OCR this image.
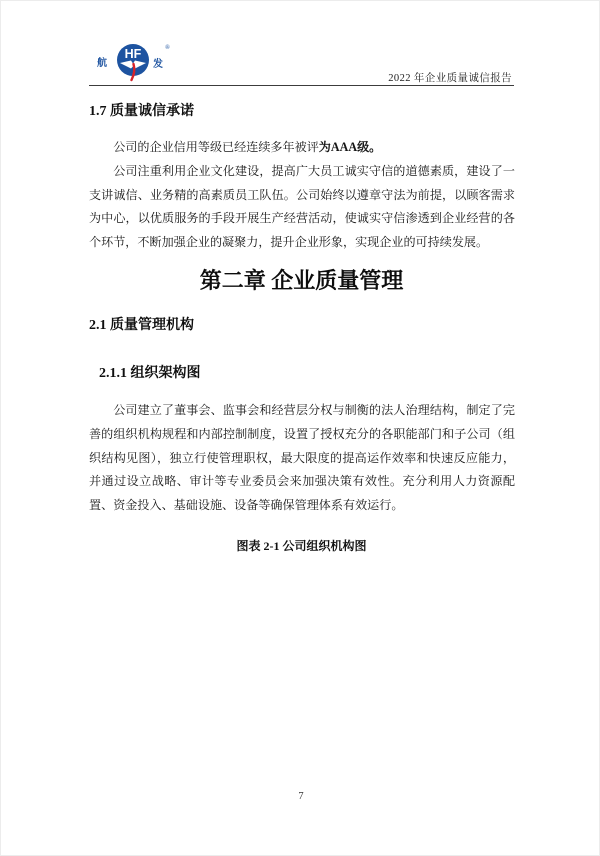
航
HF
发
®
2022 年企业质量诚信报告
1.7 质量诚信承诺

公司的企业信用等级已经连续多年被评为AAA级。

公司注重利用企业文化建设，提高广大员工诚实守信的道德素质，建设了一支讲诚信、业务精的高素质员工队伍。公司始终以遵章守法为前提，以顾客需求为中心，以优质服务的手段开展生产经营活动，使诚实守信渗透到企业经营的各个环节，不断加强企业的凝聚力，提升企业形象，实现企业的可持续发展。

第二章 企业质量管理
2.1 质量管理机构
2.1.1 组织架构图

公司建立了董事会、监事会和经营层分权与制衡的法人治理结构，制定了完善的组织机构规程和内部控制制度，设置了授权充分的各职能部门和子公司（组织结构见图），独立行使管理职权，最大限度的提高运作效率和快速反应能力，并通过设立战略、审计等专业委员会来加强决策有效性。充分利用人力资源配置、资金投入、基础设施、设备等确保管理体系有效运行。

图表 2-1 公司组织机构图
7
